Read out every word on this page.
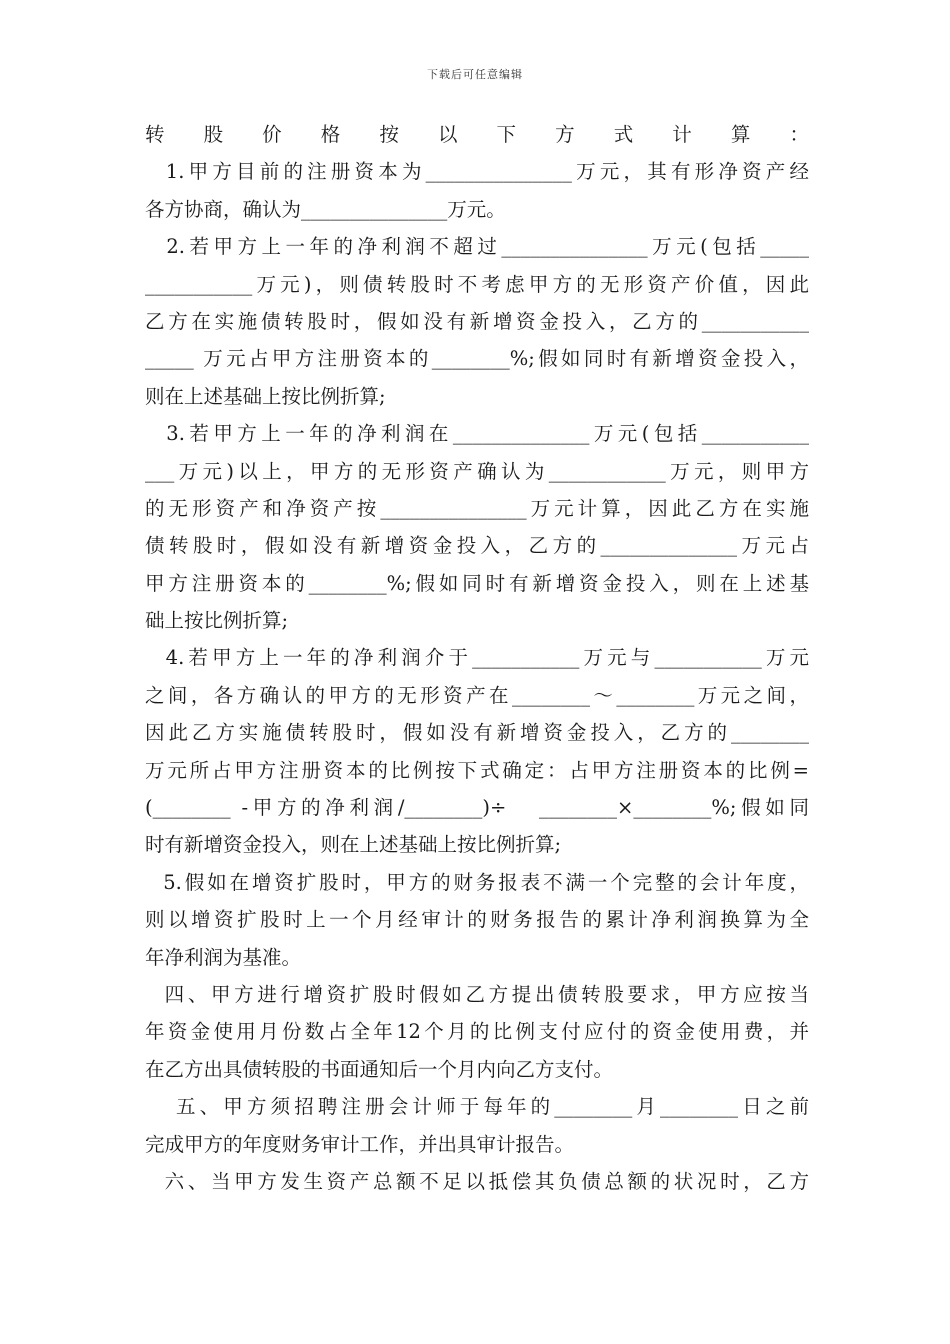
下载后可任意编辑
转股价格按以下方式计算：
1.甲方目前的注册资本为_______________万元，其有形净资产经
各方协商，确认为_______________万元。
2.若甲方上一年的净利润不超过_______________万元(包括_____
___________万元)，则债转股时不考虑甲方的无形资产价值，因此
乙方在实施债转股时，假如没有新增资金投入，乙方的___________
_____ 万元占甲方注册资本的________%;假如同时有新增资金投入，
则在上述基础上按比例折算;
3.若甲方上一年的净利润在______________万元(包括___________
___万元)以上，甲方的无形资产确认为____________万元，则甲方
的无形资产和净资产按_______________万元计算，因此乙方在实施
债转股时，假如没有新增资金投入，乙方的______________万元占
甲方注册资本的________%;假如同时有新增资金投入，则在上述基
础上按比例折算;
4.若甲方上一年的净利润介于___________万元与___________万元
之间，各方确认的甲方的无形资产在________～________万元之间，
因此乙方实施债转股时，假如没有新增资金投入，乙方的________
万元所占甲方注册资本的比例按下式确定：占甲方注册资本的比例=
(________ -甲方的净利润/________)÷   ________×________%;假如同
时有新增资金投入，则在上述基础上按比例折算;
5.假如在增资扩股时，甲方的财务报表不满一个完整的会计年度，
则以增资扩股时上一个月经审计的财务报告的累计净利润换算为全
年净利润为基准。
四、甲方进行增资扩股时假如乙方提出债转股要求，甲方应按当
年资金使用月份数占全年12个月的比例支付应付的资金使用费，并
在乙方出具债转股的书面通知后一个月内向乙方支付。
五、甲方须招聘注册会计师于每年的________月________日之前
完成甲方的年度财务审计工作，并出具审计报告。
六、当甲方发生资产总额不足以抵偿其负债总额的状况时，乙方
